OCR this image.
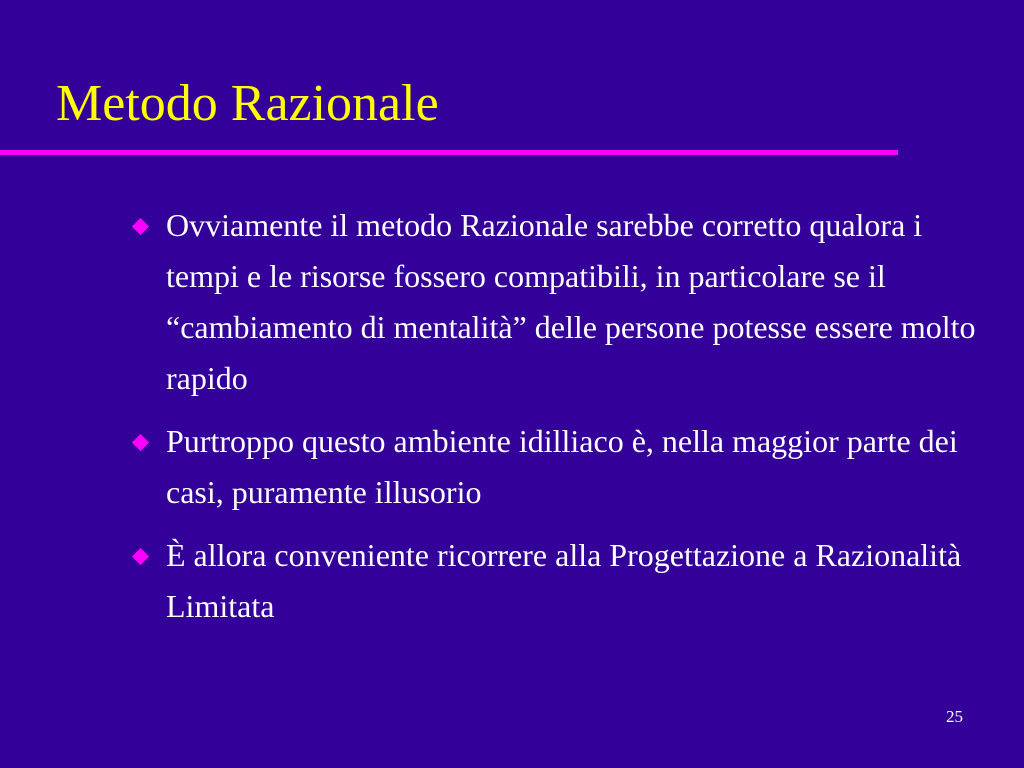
Metodo Razionale
Ovviamente il metodo Razionale sarebbe corretto qualora i tempi e le risorse fossero compatibili, in particolare se il “cambiamento di mentalità” delle persone potesse essere molto rapido
Purtroppo questo ambiente idilliaco è, nella maggior parte dei casi, puramente illusorio
È allora conveniente ricorrere alla Progettazione a Razionalità Limitata
25
